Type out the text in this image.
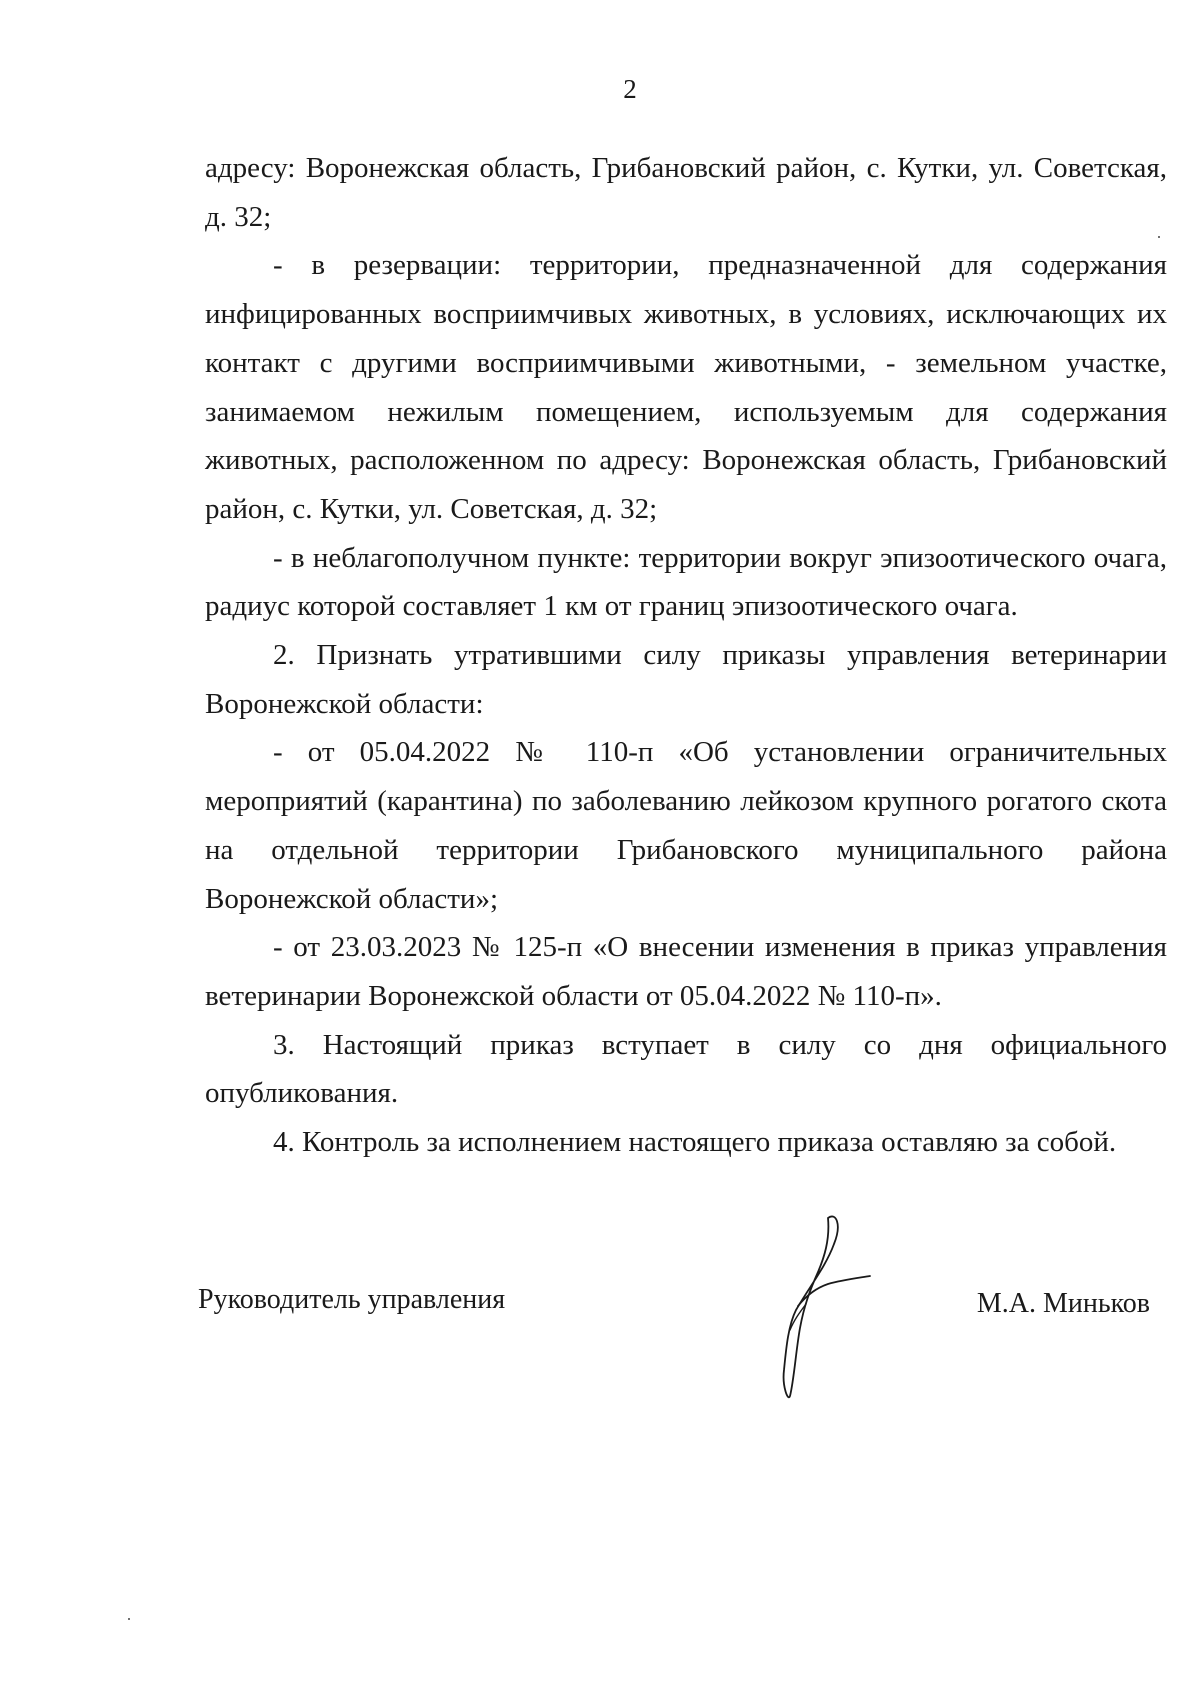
2

адресу: Воронежская область, Грибановский район, с. Кутки, ул. Советская, д. 32;

- в резервации: территории, предназначенной для содержания инфицированных восприимчивых животных, в условиях, исключающих их контакт с другими восприимчивыми животными, - земельном участке, занимаемом нежилым помещением, используемым для содержания животных, расположенном по адресу: Воронежская область, Грибановский район, с. Кутки, ул. Советская, д. 32;

- в неблагополучном пункте: территории вокруг эпизоотического очага, радиус которой составляет 1 км от границ эпизоотического очага.

2. Признать утратившими силу приказы управления ветеринарии Воронежской области:

- от 05.04.2022 № 110-п «Об установлении ограничительных мероприятий (карантина) по заболеванию лейкозом крупного рогатого скота на отдельной территории Грибановского муниципального района Воронежской области»;

- от 23.03.2023 № 125-п «О внесении изменения в приказ управления ветеринарии Воронежской области от 05.04.2022 № 110-п».

3. Настоящий приказ вступает в силу со дня официального опубликования.

4. Контроль за исполнением настоящего приказа оставляю за собой.

Руководитель управления	М.А. Миньков
